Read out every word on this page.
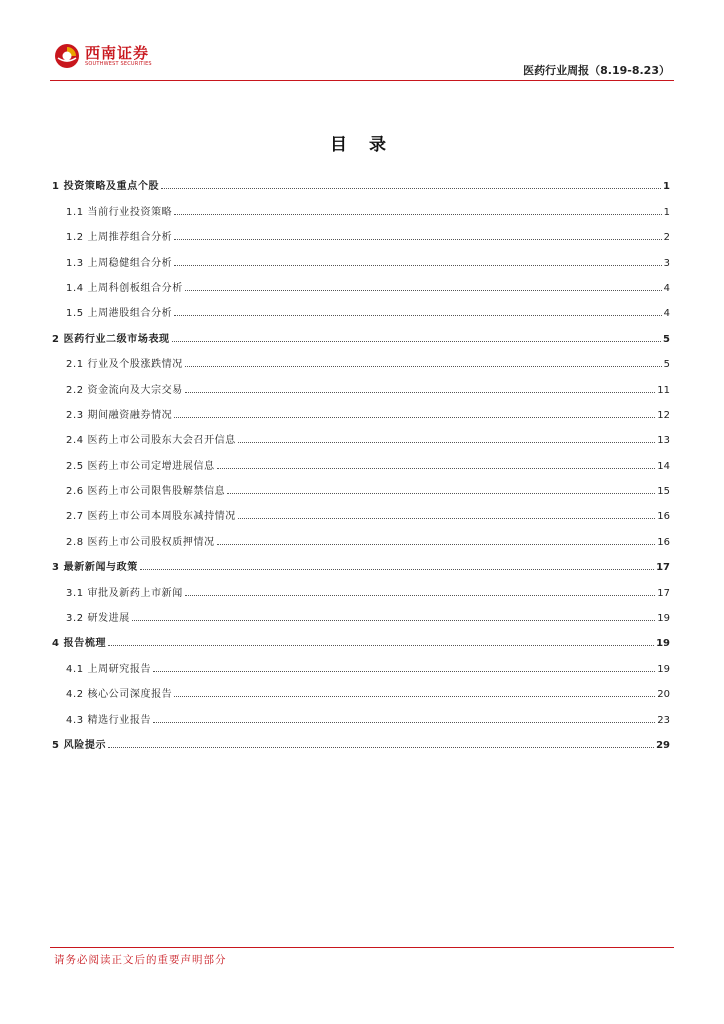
西南证券
SOUTHWEST SECURITIES
医药行业周报（8.19-8.23）
目 录
1 投资策略及重点个股	1
1.1 当前行业投资策略	1
1.2 上周推荐组合分析	2
1.3 上周稳健组合分析	3
1.4 上周科创板组合分析	4
1.5 上周港股组合分析	4
2 医药行业二级市场表现	5
2.1 行业及个股涨跌情况	5
2.2 资金流向及大宗交易	11
2.3 期间融资融券情况	12
2.4 医药上市公司股东大会召开信息	13
2.5 医药上市公司定增进展信息	14
2.6 医药上市公司限售股解禁信息	15
2.7 医药上市公司本周股东减持情况	16
2.8 医药上市公司股权质押情况	16
3 最新新闻与政策	17
3.1 审批及新药上市新闻	17
3.2 研发进展	19
4 报告梳理	19
4.1 上周研究报告	19
4.2 核心公司深度报告	20
4.3 精选行业报告	23
5 风险提示	29
请务必阅读正文后的重要声明部分
